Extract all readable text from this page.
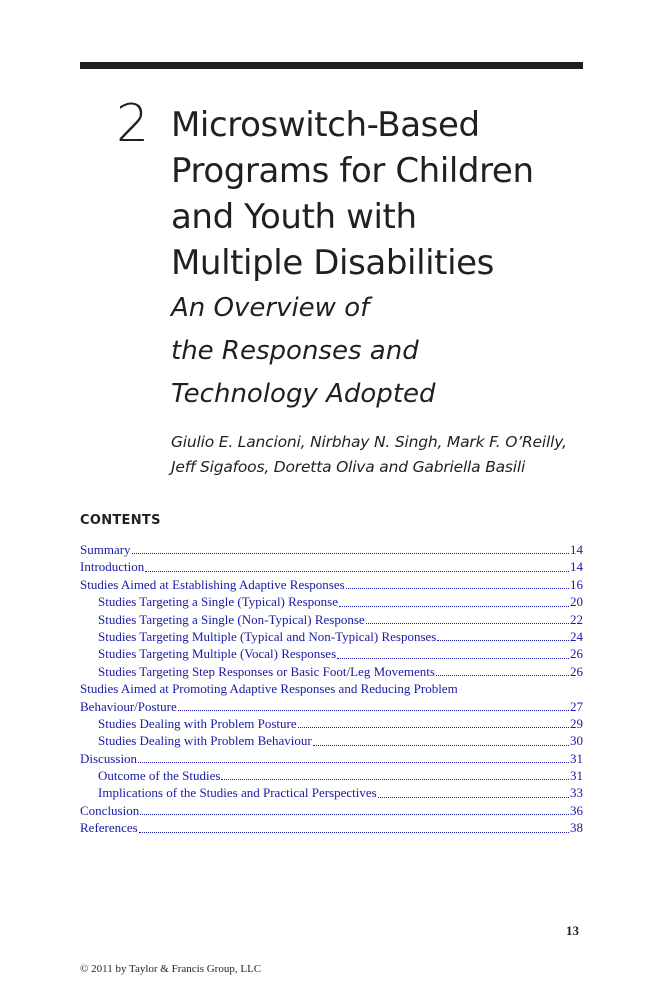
2 Microswitch-Based
Programs for Children
and Youth with
Multiple Disabilities
An Overview of
the Responses and
Technology Adopted
Giulio E. Lancioni, Nirbhay N. Singh, Mark F. O’Reilly,
Jeff Sigafoos, Doretta Oliva and Gabriella Basili
CONTENTS
Summary	14
Introduction	14
Studies Aimed at Establishing Adaptive Responses	16
Studies Targeting a Single (Typical) Response	20
Studies Targeting a Single (Non-Typical) Response	22
Studies Targeting Multiple (Typical and Non-Typical) Responses	24
Studies Targeting Multiple (Vocal) Responses	26
Studies Targeting Step Responses or Basic Foot/Leg Movements	26
Studies Aimed at Promoting Adaptive Responses and Reducing Problem
Behaviour/Posture	27
Studies Dealing with Problem Posture	29
Studies Dealing with Problem Behaviour	30
Discussion	31
Outcome of the Studies	31
Implications of the Studies and Practical Perspectives	33
Conclusion	36
References	38
13
© 2011 by Taylor & Francis Group, LLC
